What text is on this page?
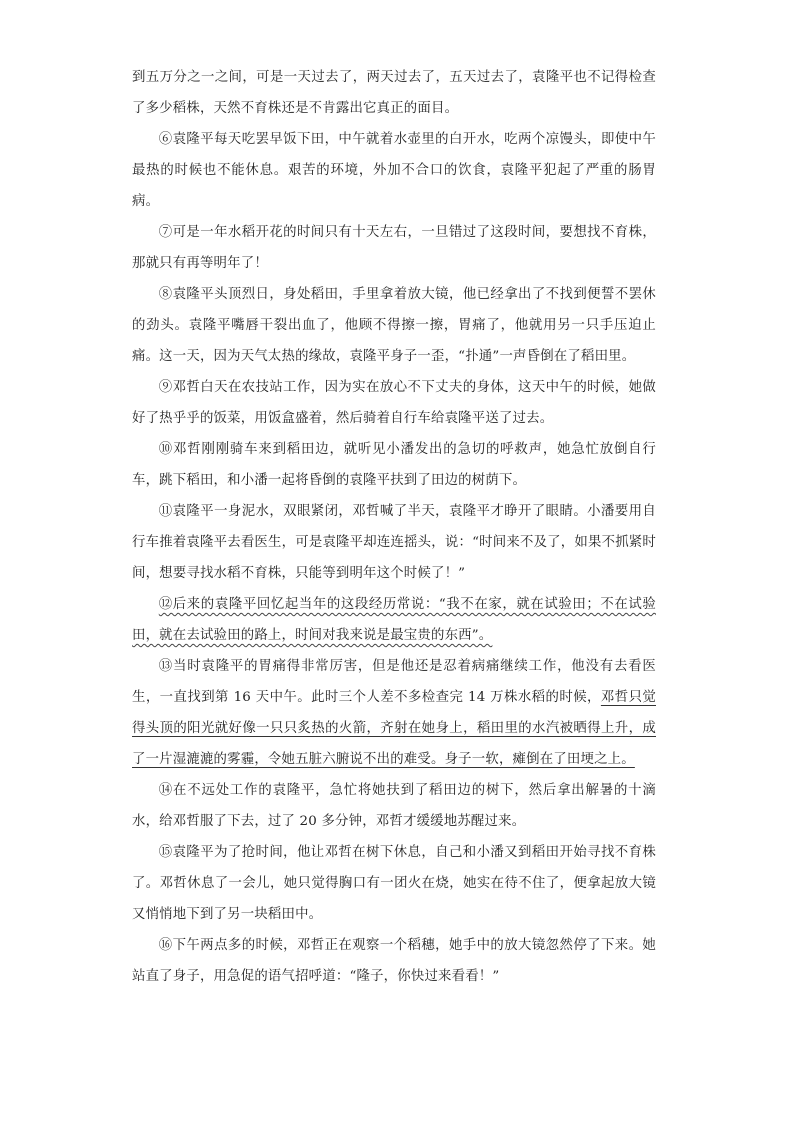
到五万分之一之间，可是一天过去了，两天过去了，五天过去了，袁隆平也不记得检查了多少稻株，天然不育株还是不肯露出它真正的面目。

⑥袁隆平每天吃罢早饭下田，中午就着水壶里的白开水，吃两个凉馒头，即使中午最热的时候也不能休息。艰苦的环境，外加不合口的饮食，袁隆平犯起了严重的肠胃病。

⑦可是一年水稻开花的时间只有十天左右，一旦错过了这段时间，要想找不育株，那就只有再等明年了！

⑧袁隆平头顶烈日，身处稻田，手里拿着放大镜，他已经拿出了不找到便誓不罢休的劲头。袁隆平嘴唇干裂出血了，他顾不得擦一擦，胃痛了，他就用另一只手压迫止痛。这一天，因为天气太热的缘故，袁隆平身子一歪，“扑通”一声昏倒在了稻田里。

⑨邓哲白天在农技站工作，因为实在放心不下丈夫的身体，这天中午的时候，她做好了热乎乎的饭菜，用饭盒盛着，然后骑着自行车给袁隆平送了过去。

⑩邓哲刚刚骑车来到稻田边，就听见小潘发出的急切的呼救声，她急忙放倒自行车，跳下稻田，和小潘一起将昏倒的袁隆平扶到了田边的树荫下。

⑪袁隆平一身泥水，双眼紧闭，邓哲喊了半天，袁隆平才睁开了眼睛。小潘要用自行车推着袁隆平去看医生，可是袁隆平却连连摇头，说：“时间来不及了，如果不抓紧时间，想要寻找水稻不育株，只能等到明年这个时候了！”

⑫后来的袁隆平回忆起当年的这段经历常说：“我不在家，就在试验田；不在试验田，就在去试验田的路上，时间对我来说是最宝贵的东西”。

⑬当时袁隆平的胃痛得非常厉害，但是他还是忍着病痛继续工作，他没有去看医生，一直找到第 16 天中午。此时三个人差不多检查完 14 万株水稻的时候，邓哲只觉得头顶的阳光就好像一只只炙热的火箭，齐射在她身上，稻田里的水汽被晒得上升，成了一片湿漉漉的雾霾，令她五脏六腑说不出的难受。身子一软，瘫倒在了田埂之上。

⑭在不远处工作的袁隆平，急忙将她扶到了稻田边的树下，然后拿出解暑的十滴水，给邓哲服了下去，过了 20 多分钟，邓哲才缓缓地苏醒过来。

⑮袁隆平为了抢时间，他让邓哲在树下休息，自己和小潘又到稻田开始寻找不育株了。邓哲休息了一会儿，她只觉得胸口有一团火在烧，她实在待不住了，便拿起放大镜又悄悄地下到了另一块稻田中。

⑯下午两点多的时候，邓哲正在观察一个稻穗，她手中的放大镜忽然停了下来。她站直了身子，用急促的语气招呼道：“隆子，你快过来看看！”
